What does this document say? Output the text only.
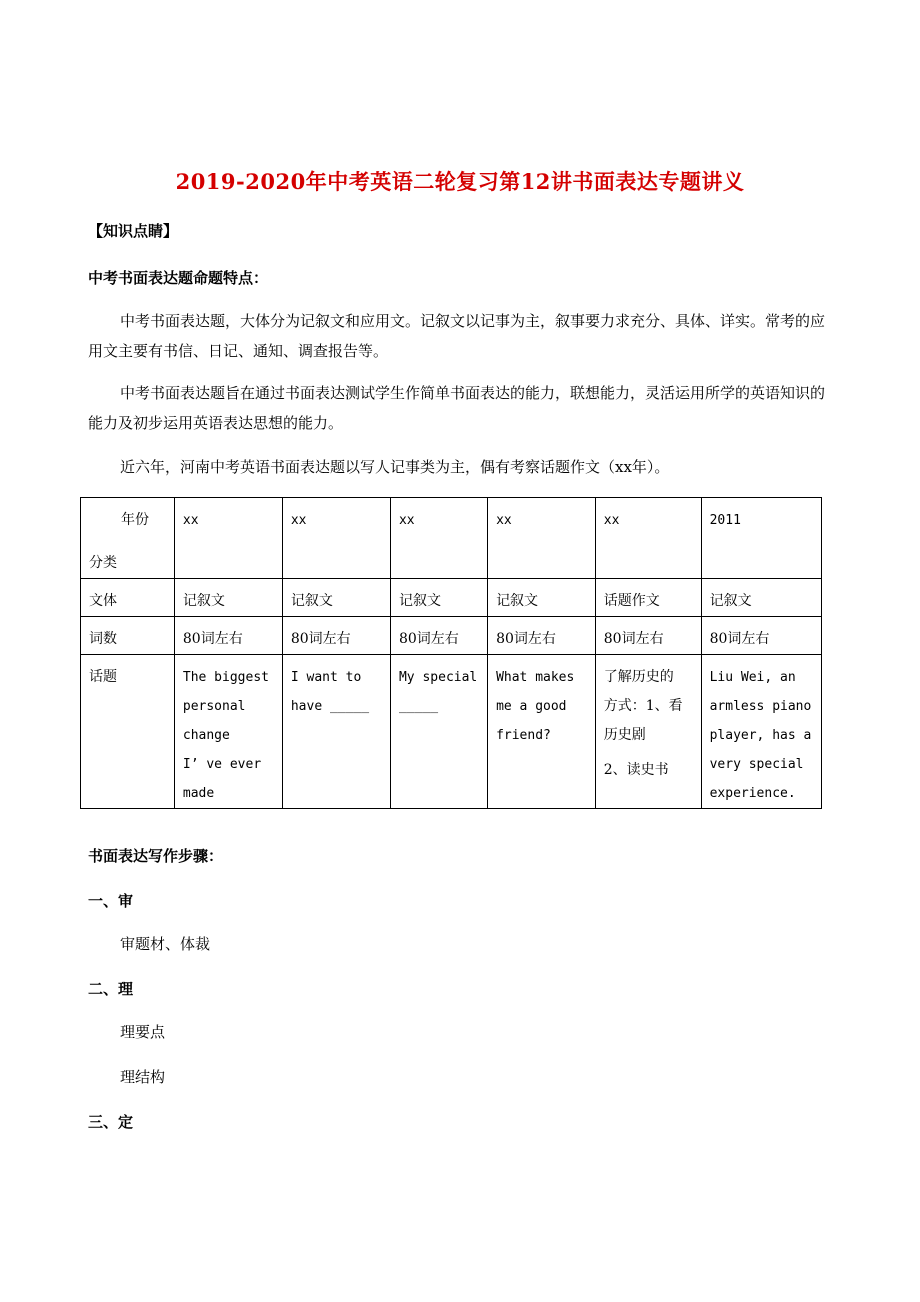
2019-2020年中考英语二轮复习第12讲书面表达专题讲义
【知识点睛】
中考书面表达题命题特点：
中考书面表达题，大体分为记叙文和应用文。记叙文以记事为主，叙事要力求充分、具体、详实。常考的应用文主要有书信、日记、通知、调查报告等。
中考书面表达题旨在通过书面表达测试学生作简单书面表达的能力，联想能力，灵活运用所学的英语知识的能力及初步运用英语表达思想的能力。
近六年，河南中考英语书面表达题以写人记事类为主，偶有考察话题作文（xx年）。
年份
分类	xx	xx	xx	xx	xx	2011
文体	记叙文	记叙文	记叙文	记叙文	话题作文	记叙文
词数	80词左右	80词左右	80词左右	80词左右	80词左右	80词左右
话题	The biggest
personal
change
I’ ve ever
made	I want to
have _____	My special
_____	What makes
me a good
friend?	了解历史的
方式：1、看
历史剧
2、读史书	Liu Wei, an
armless piano
player, has a
very special
experience.
书面表达写作步骤：
一、审
审题材、体裁
二、理
理要点
理结构
三、定
